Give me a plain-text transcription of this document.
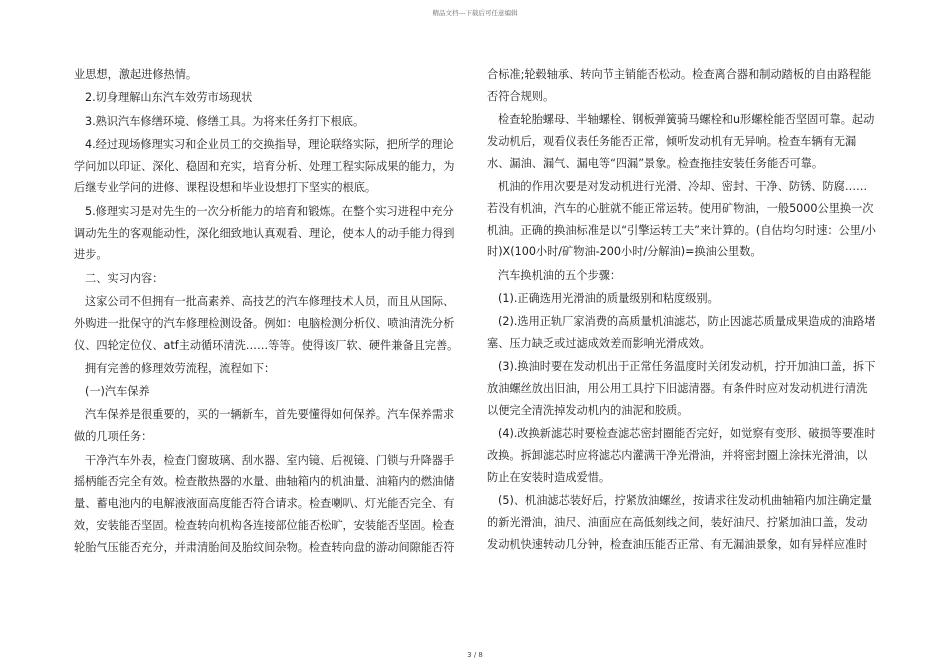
精品文档---下载后可任意编辑

业思想，激起进修热情。

2.切身理解山东汽车效劳市场现状

3.熟识汽车修缮环境、修缮工具。为将来任务打下根底。

4.经过现场修理实习和企业员工的交换指导，理论联络实际，把所学的理论学问加以印证、深化、稳固和充实，培育分析、处理工程实际成果的能力，为后继专业学问的进修、课程设想和毕业设想打下坚实的根底。

5.修理实习是对先生的一次分析能力的培育和锻炼。在整个实习进程中充分调动先生的客观能动性，深化细致地认真观看、理论，使本人的动手能力得到进步。

二、实习内容：

这家公司不但拥有一批高素养、高技艺的汽车修理技术人员，而且从国际、外购进一批保守的汽车修理检测设备。例如：电脑检测分析仪、喷油清洗分析仪、四轮定位仪、atf主动循环清洗……等等。使得该厂软、硬件兼备且完善。

拥有完善的修理效劳流程，流程如下：

(一)汽车保养

汽车保养是很重要的，买的一辆新车，首先要懂得如何保养。汽车保养需求做的几项任务：

干净汽车外表，检查门窗玻璃、刮水器、室内镜、后视镜、门锁与升降器手摇柄能否完全有效。检查散热器的水量、曲轴箱内的机油量、油箱内的燃油储量、蓄电池内的电解液液面高度能否符合请求。检查喇叭、灯光能否完全、有效，安装能否坚固。检查转向机构各连接部位能否松旷，安装能否坚固。检查轮胎气压能否充分，并肃清胎间及胎纹间杂物。检查转向盘的游动间隙能否符

合标准;轮毂轴承、转向节主销能否松动。检查离合器和制动踏板的自由路程能否符合规则。

检查轮胎螺母、半轴螺栓、钢板弹簧骑马螺栓和u形螺栓能否坚固可靠。起动发动机后，观看仪表任务能否正常，倾听发动机有无异响。检查车辆有无漏水、漏油、漏气、漏电等“四漏”景象。检查拖挂安装任务能否可靠。

机油的作用次要是对发动机进行光滑、冷却、密封、干净、防锈、防腐……若没有机油，汽车的心脏就不能正常运转。使用矿物油，一般5000公里换一次机油。正确的换油标准是以“引擎运转工夫”来计算的。(自估均匀时速：公里/小时)X(100小时/矿物油-200小时/分解油)=换油公里数。

汽车换机油的五个步骤：

(1).正确选用光滑油的质量级别和粘度级别。

(2).选用正轨厂家消费的高质量机油滤芯，防止因滤芯质量成果造成的油路堵塞、压力缺乏或过滤成效差而影响光滑成效。

(3).换油时要在发动机出于正常任务温度时关闭发动机，拧开加油口盖，拆下放油螺丝放出旧油，用公用工具拧下旧滤清器。有条件时应对发动机进行清洗以便完全清洗掉发动机内的油泥和胶质。

(4).改换新滤芯时要检查滤芯密封圈能否完好，如觉察有变形、破损等要准时改换。拆卸滤芯时应将滤芯内灌满干净光滑油，并将密封圈上涂抹光滑油，以防止在安装时造成爱惜。

(5)、机油滤芯装好后，拧紧放油螺丝，按请求往发动机曲轴箱内加注确定量的新光滑油，油尺、油面应在高低刻线之间，装好油尺、拧紧加油口盖，发动发动机快速转动几分钟，检查油压能否正常、有无漏油景象，如有异样应准时

3 / 8
